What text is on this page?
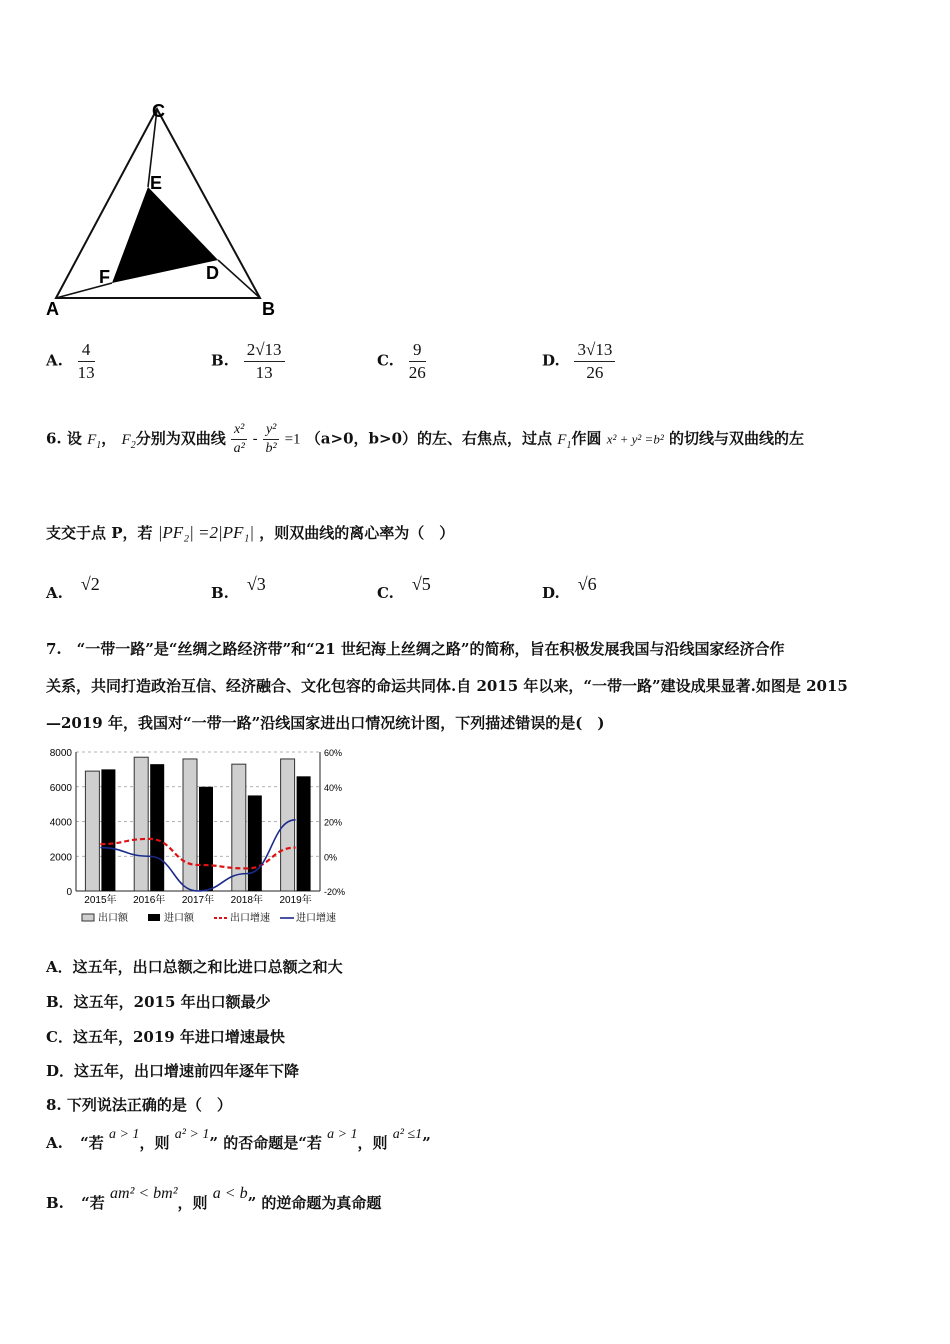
C
E
D
F
A	B
A. $\frac{4}{13}$	B. $\frac{2√13}{13}$	C. $\frac{9}{26}$	D. $\frac{3√13}{26}$
6. 设 $F_1$， $F_2$分别为双曲线 $\frac{\text{x²}}{\text{a²}} - \frac{\text{y²}}{\text{b²}} =1$ （a>0，b>0）的左、右焦点，过点 $F_1$作圆 x² + y² =b² 的切线与双曲线的左
支交于点 P，若 |PF₂| =2|PF₁| ，则双曲线的离心率为（　）
A. √2	B. √3	C. √5	D. √6
7.　“一带一路”是“丝绸之路经济带”和“21 世纪海上丝绸之路”的简称，旨在积极发展我国与沿线国家经济合作
关系，共同打造政治互信、经济融合、文化包容的命运共同体.自 2015 年以来，“一带一路”建设成果显著.如图是 2015
—2019 年，我国对“一带一路”沿线国家进出口情况统计图，下列描述错误的是(　)
0
2000
4000
6000
8000
-20%
0%
20%
40%
60%
2015年 2016年 2017年 2018年 2019年
出口额	进口额	出口增速	进口增速
A．这五年，出口总额之和比进口总额之和大
B．这五年，2015 年出口额最少
C．这五年，2019 年进口增速最快
D．这五年，出口增速前四年逐年下降
8. 下列说法正确的是（　）
A. “若 a > 1，则 a² > 1” 的否命题是“若 a > 1，则 a² ≤1”
B. “若 am² < bm²，则 a < b” 的逆命题为真命题
